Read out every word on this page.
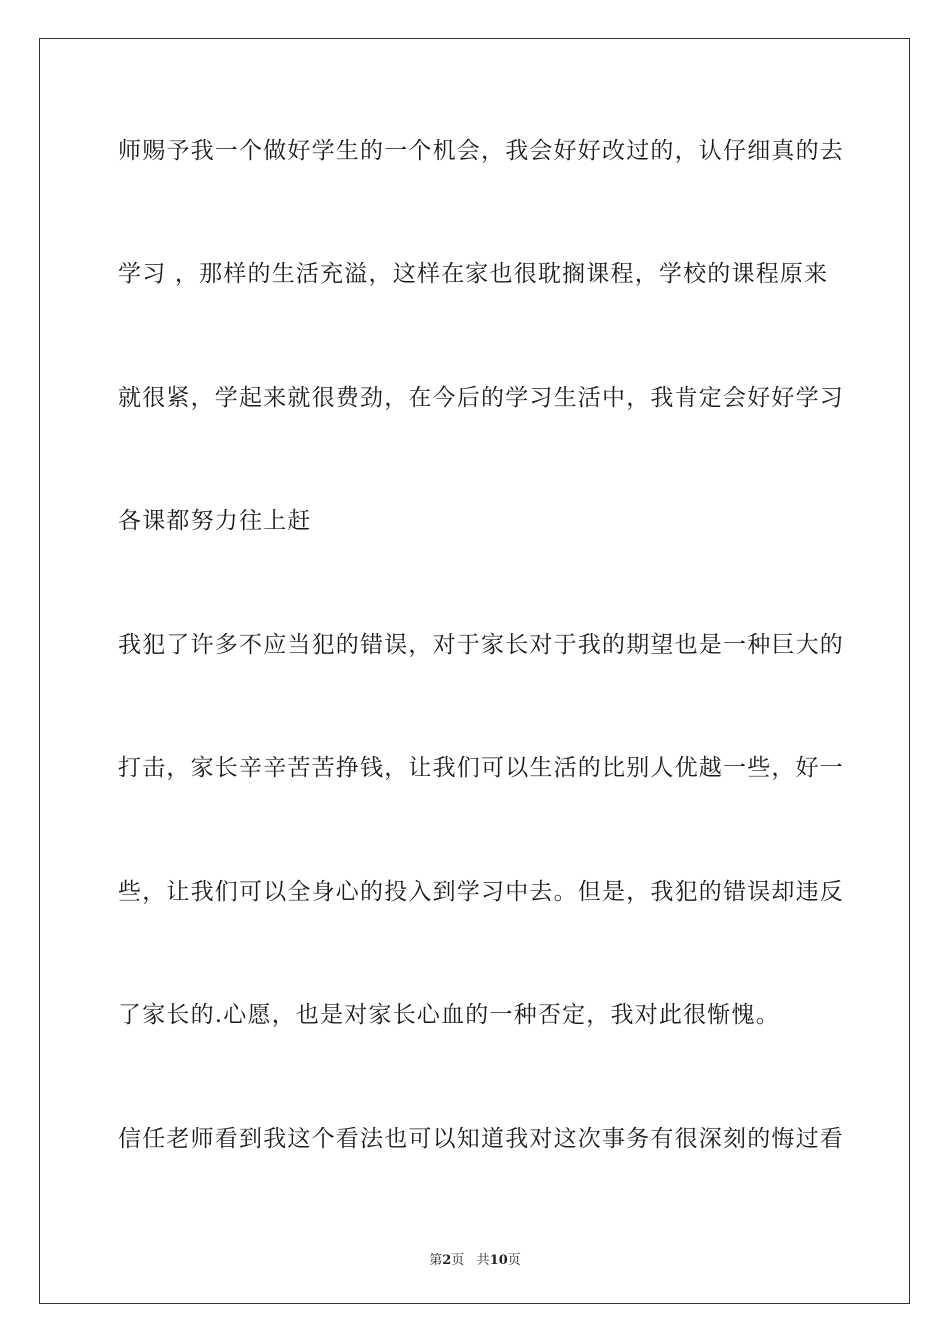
师赐予我一个做好学生的一个机会，我会好好改过的，认仔细真的去
学习 ，那样的生活充溢，这样在家也很耽搁课程，学校的课程原来
就很紧，学起来就很费劲，在今后的学习生活中，我肯定会好好学习
各课都努力往上赶
我犯了许多不应当犯的错误，对于家长对于我的期望也是一种巨大的
打击，家长辛辛苦苦挣钱，让我们可以生活的比别人优越一些，好一
些，让我们可以全身心的投入到学习中去。但是，我犯的错误却违反
了家长的.心愿，也是对家长心血的一种否定，我对此很惭愧。
信任老师看到我这个看法也可以知道我对这次事务有很深刻的悔过看
第2页 共10页
